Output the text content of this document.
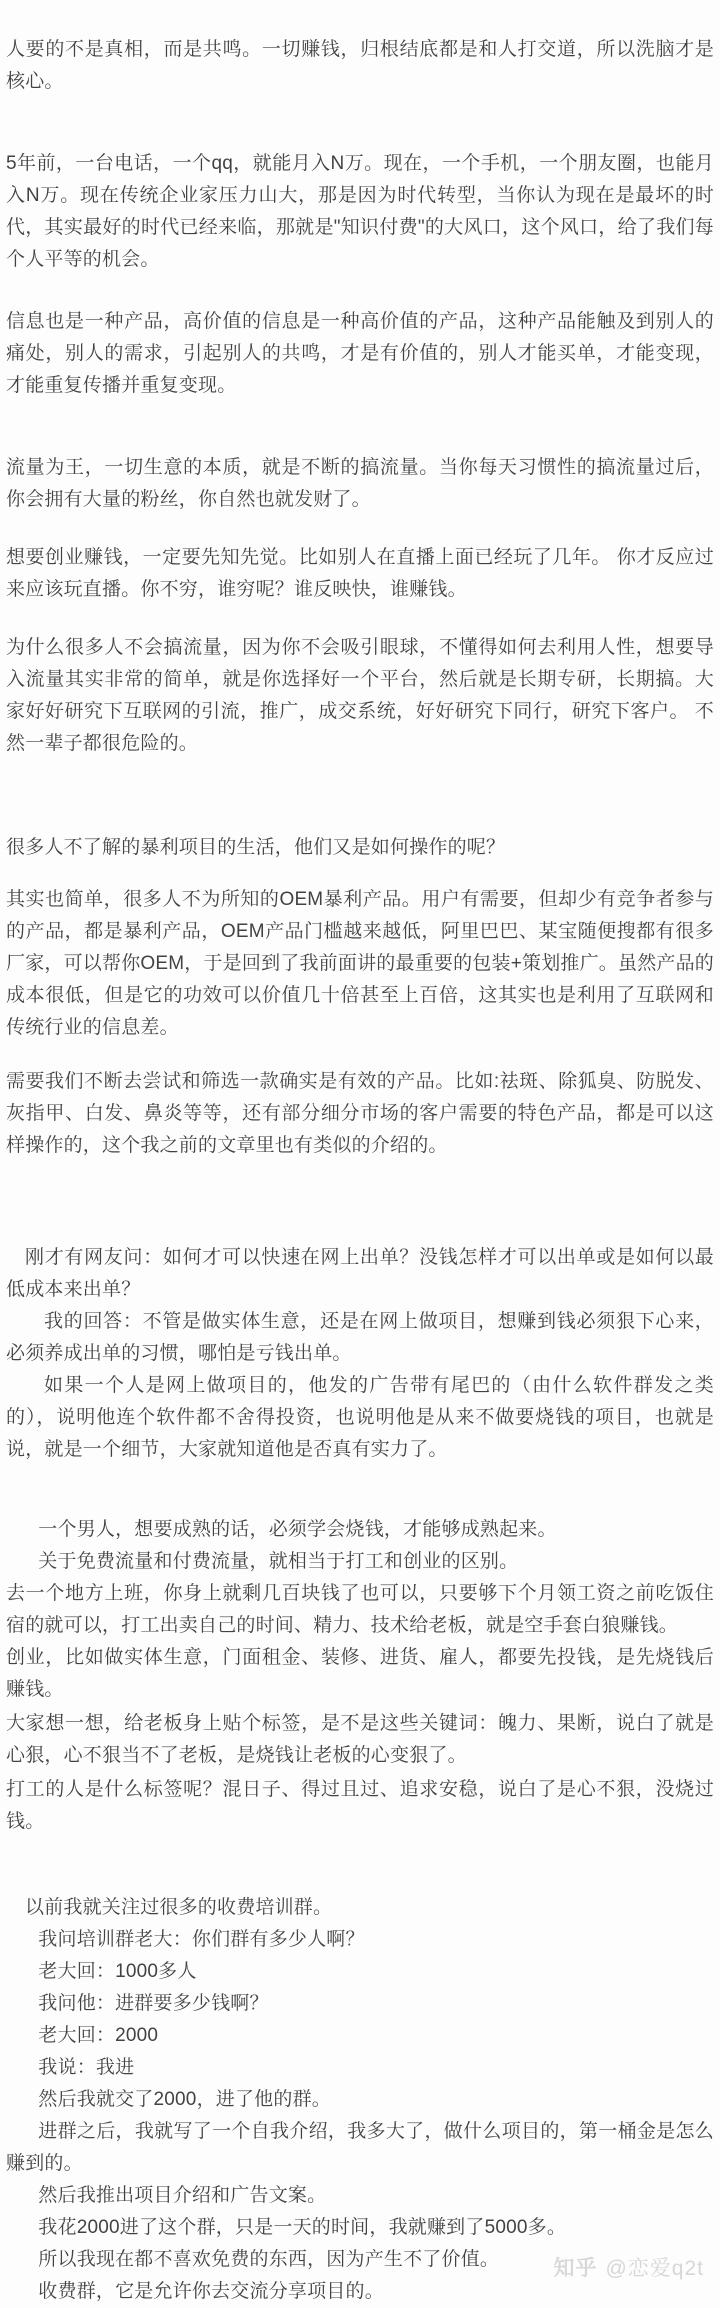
人要的不是真相，而是共鸣。一切赚钱，归根结底都是和人打交道，所以洗脑才是核心。

5年前，一台电话，一个qq，就能月入N万。现在，一个手机，一个朋友圈，也能月入N万。现在传统企业家压力山大，那是因为时代转型，当你认为现在是最坏的时代，其实最好的时代已经来临，那就是"知识付费"的大风口，这个风口，给了我们每个人平等的机会。

信息也是一种产品，高价值的信息是一种高价值的产品，这种产品能触及到别人的痛处，别人的需求，引起别人的共鸣，才是有价值的，别人才能买单，才能变现，才能重复传播并重复变现。

流量为王，一切生意的本质，就是不断的搞流量。当你每天习惯性的搞流量过后，你会拥有大量的粉丝，你自然也就发财了。

想要创业赚钱，一定要先知先觉。比如别人在直播上面已经玩了几年。 你才反应过 来应该玩直播。你不穷，谁穷呢？谁反映快，谁赚钱。

为什么很多人不会搞流量，因为你不会吸引眼球，不懂得如何去利用人性，想要导入流量其实非常的简单，就是你选择好一个平台，然后就是长期专研，长期搞。大家好好研究下互联网的引流，推广，成交系统，好好研究下同行，研究下客户。 不然一辈子都很危险的。

很多人不了解的暴利项目的生活，他们又是如何操作的呢？

其实也简单，很多人不为所知的OEM暴利产品。用户有需要，但却少有竞争者参与的产品，都是暴利产品，OEM产品门槛越来越低，阿里巴巴、某宝随便搜都有很多厂家，可以帮你OEM，于是回到了我前面讲的最重要的包装+策划推广。虽然产品的成本很低，但是它的功效可以价值几十倍甚至上百倍，这其实也是利用了互联网和传统行业的信息差。

需要我们不断去尝试和筛选一款确实是有效的产品。比如:祛斑、除狐臭、防脱发、灰指甲、白发、鼻炎等等，还有部分细分市场的客户需要的特色产品，都是可以这样操作的，这个我之前的文章里也有类似的介绍的。

刚才有网友问：如何才可以快速在网上出单？没钱怎样才可以出单或是如何以最低成本来出单？

我的回答：不管是做实体生意，还是在网上做项目，想赚到钱必须狠下心来，必须养成出单的习惯，哪怕是亏钱出单。

如果一个人是网上做项目的，他发的广告带有尾巴的（由什么软件群发之类的），说明他连个软件都不舍得投资，也说明他是从来不做要烧钱的项目，也就是说，就是一个细节，大家就知道他是否真有实力了。

一个男人，想要成熟的话，必须学会烧钱，才能够成熟起来。

关于免费流量和付费流量，就相当于打工和创业的区别。

去一个地方上班，你身上就剩几百块钱了也可以，只要够下个月领工资之前吃饭住宿的就可以，打工出卖自己的时间、精力、技术给老板，就是空手套白狼赚钱。

创业，比如做实体生意，门面租金、装修、进货、雇人，都要先投钱，是先烧钱后赚钱。

大家想一想，给老板身上贴个标签，是不是这些关键词：魄力、果断，说白了就是心狠，心不狠当不了老板，是烧钱让老板的心变狠了。

打工的人是什么标签呢？混日子、得过且过、追求安稳，说白了是心不狠，没烧过钱。

以前我就关注过很多的收费培训群。

我问培训群老大：你们群有多少人啊？

老大回：1000多人

我问他：进群要多少钱啊？

老大回：2000

我说：我进

然后我就交了2000，进了他的群。

进群之后，我就写了一个自我介绍，我多大了，做什么项目的，第一桶金是怎么赚到的。

然后我推出项目介绍和广告文案。

我花2000进了这个群，只是一天的时间，我就赚到了5000多。

所以我现在都不喜欢免费的东西，因为产生不了价值。

收费群，它是允许你去交流分享项目的。

知乎 @恋爱q2t
